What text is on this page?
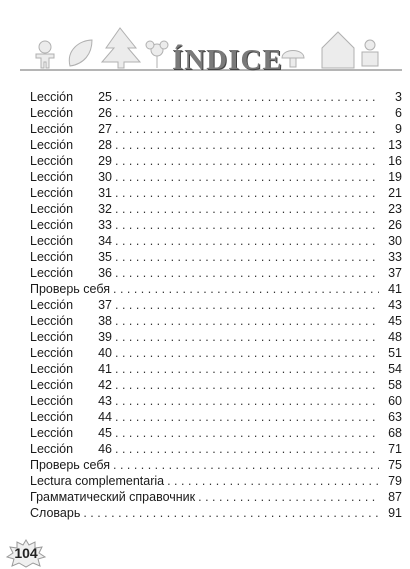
ÍNDICE
Lección 25 . . .	3
Lección 26 . . .	6
Lección 27 . . .	9
Lección 28 . . .	13
Lección 29 . . .	16
Lección 30 . . .	19
Lección 31 . . .	21
Lección 32 . . .	23
Lección 33 . . .	26
Lección 34 . . .	30
Lección 35 . . .	33
Lección 36 . . .	37
Проверь себя . . .	41
Lección 37 . . .	43
Lección 38 . . .	45
Lección 39 . . .	48
Lección 40 . . .	51
Lección 41 . . .	54
Lección 42 . . .	58
Lección 43 . . .	60
Lección 44 . . .	63
Lección 45 . . .	68
Lección 46 . . .	71
Проверь себя . . .	75
Lectura complementaria . . .	79
Грамматический справочник . . .	87
Словарь . . .	91
104
